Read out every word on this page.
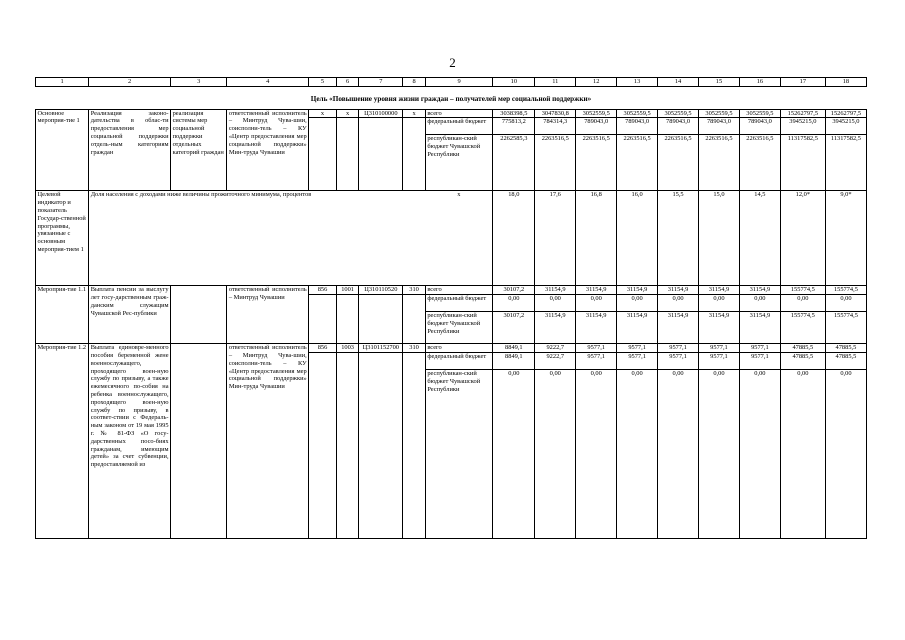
2
1	2	3	4	5	6	7	8	9	10	11	12	13	14	15	16	17	18
Цель «Повышение уровня жизни граждан – получателей мер социальной поддержки»																	
Основное мероприя-тие 1	Реализация законо-дательства в облас-ти предоставления мер социальной поддержки отдель-ным категориям граждан	реализация системы мер социальной поддержки отдельных категорий граждан	ответственный исполнитель – Минтруд Чува-шии, соисполни-тель – КУ «Центр предоставления мер социальной поддержки» Мин-труда Чувашии	x	x	Ц310100000	x	всего	3038398,5	3047830,8	3052559,5	3052559,5	3052559,5	3052559,5	3052559,5	15262797,5	15262797,5
								федеральный бюджет	775813,2	784314,3	789043,0	789043,0	789043,0	789043,0	789043,0	3945215,0	3945215,0
								республикан-ский бюджет Чувашской Республики	2262585,3	2263516,5	2263516,5	2263516,5	2263516,5	2263516,5	2263516,5	11317582,5	11317582,5
Целевой индикатор и показатель Государ-ственной программы, увязанные с основным мероприя-тием 1	Доля населения с доходами ниже величины прожиточного минимума, процентов							x	18,0	17,6	16,8	16,0	15,5	15,0	14,5	12,0*	9,0*
Мероприя-тие 1.1	Выплата пенсии за выслугу лет госу-дарственным граж-данским служащим Чувашской Рес-публики		ответственный исполнитель – Минтруд Чувашии	856	1001	Ц310110520	310	всего	30107,2	31154,9	31154,9	31154,9	31154,9	31154,9	31154,9	155774,5	155774,5
								федеральный бюджет	0,00	0,00	0,00	0,00	0,00	0,00	0,00	0,00	0,00
								республикан-ский бюджет Чувашской Республики	30107,2	31154,9	31154,9	31154,9	31154,9	31154,9	31154,9	155774,5	155774,5
Мероприя-тие 1.2	Выплата единовре-менного пособия беременной жене военнослужащего, проходящего воен-ную службу по призыву, а также ежемесячного по-собия на ребенка военнослужащего, проходящего воен-ную службу по призыву, в соответ-ствии с Федераль-ным законом от 19 мая 1995 г. № 81-ФЗ «О госу-дарственных посо-биях гражданам, имеющим детей» за счет субвенции, предоставляемой из		ответственный исполнитель – Минтруд Чува-шии, соисполни-тель – КУ «Центр предоставления мер социальной поддержки» Мин-труда Чувашии	856	1003	Ц3101152700	310	всего	8849,1	9222,7	9577,1	9577,1	9577,1	9577,1	9577,1	47885,5	47885,5
								федеральный бюджет	8849,1	9222,7	9577,1	9577,1	9577,1	9577,1	9577,1	47885,5	47885,5
								республикан-ский бюджет Чувашской Республики	0,00	0,00	0,00	0,00	0,00	0,00	0,00	0,00	0,00
